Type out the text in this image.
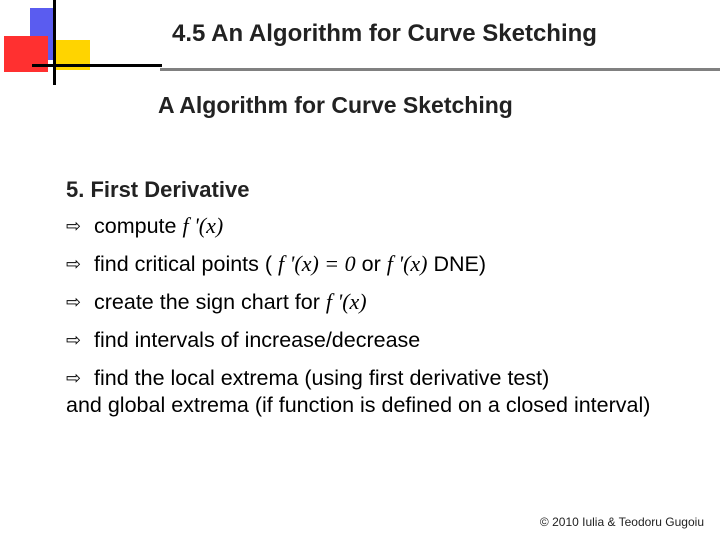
4.5 An Algorithm for Curve Sketching
A Algorithm for Curve Sketching
5. First Derivative
⇨ compute f '(x)
⇨ find critical points ( f '(x) = 0 or f '(x) DNE)
⇨ create the sign chart for f '(x)
⇨ find intervals of increase/decrease
⇨ find the local extrema (using first derivative test)
and global extrema (if function is defined on a closed interval)
© 2010 Iulia & Teodoru Gugoiu
